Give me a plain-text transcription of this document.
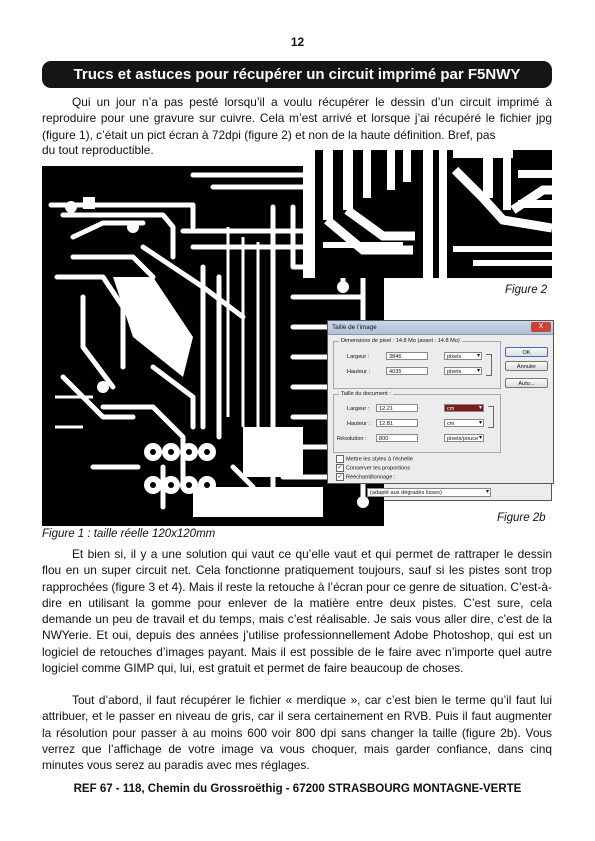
12
Trucs et astuces pour récupérer un circuit imprimé par F5NWY

Qui un jour n’a pas pesté lorsqu’il a voulu récupérer le dessin d’un circuit imprimé à reproduire pour une gravure sur cuivre. Cela m’est arrivé et lorsque j’ai récupéré le fichier jpg (figure 1), c’était un pict écran à 72dpi (figure 2) et non de la haute définition. Bref, pas

du tout reproductible.

Figure 2
Taille de l’image	X
Dimensions de pixel : 14.8 Mo (avant : 14.8 Mo)
Largeur :	3846	pixels ▾
Hauteur :	4035	pixels ▾
Taille du document :
Largeur :	12.21	cm ▾
Hauteur :	12.81	cm ▾
Résolution :	800	pixels/pouce ▾
OK
Annuler
Auto...
Mettre les styles à l’échelle
✓ Conserver les proportions
✓ Rééchantillonnage :
(adapté aux dégradés lisses) ▾
Figure 2b
Figure 1 : taille réelle 120x120mm

Et bien si, il y a une solution qui vaut ce qu’elle vaut et qui permet de rattraper le dessin flou en un super circuit net. Cela fonctionne pratiquement toujours, sauf si les pistes sont trop rapprochées (figure 3 et 4). Mais il reste la retouche à l’écran pour ce genre de situation. C’est-à-dire en utilisant la gomme pour enlever de la matière entre deux pistes. C’est sure, cela demande un peu de travail et du temps, mais c’est réalisable. Je sais vous aller dire, c’est de la NWYerie. Et oui, depuis des années j’utilise professionnellement Adobe Photoshop, qui est un logiciel de retouches d’images payant. Mais il est possible de le faire avec n’importe quel autre logiciel comme GIMP qui, lui, est gratuit et permet de faire beaucoup de choses.

Tout d’abord, il faut récupérer le fichier « merdique », car c’est bien le terme qu’il faut lui attribuer, et le passer en niveau de gris, car il sera certainement en RVB. Puis il faut augmenter la résolution pour passer à au moins 600 voir 800 dpi sans changer la taille (figure 2b). Vous verrez que l’affichage de votre image va vous choquer, mais garder confiance, dans cinq minutes vous serez au paradis avec mes réglages.

REF 67 - 118, Chemin du Grossroëthig - 67200 STRASBOURG MONTAGNE-VERTE
